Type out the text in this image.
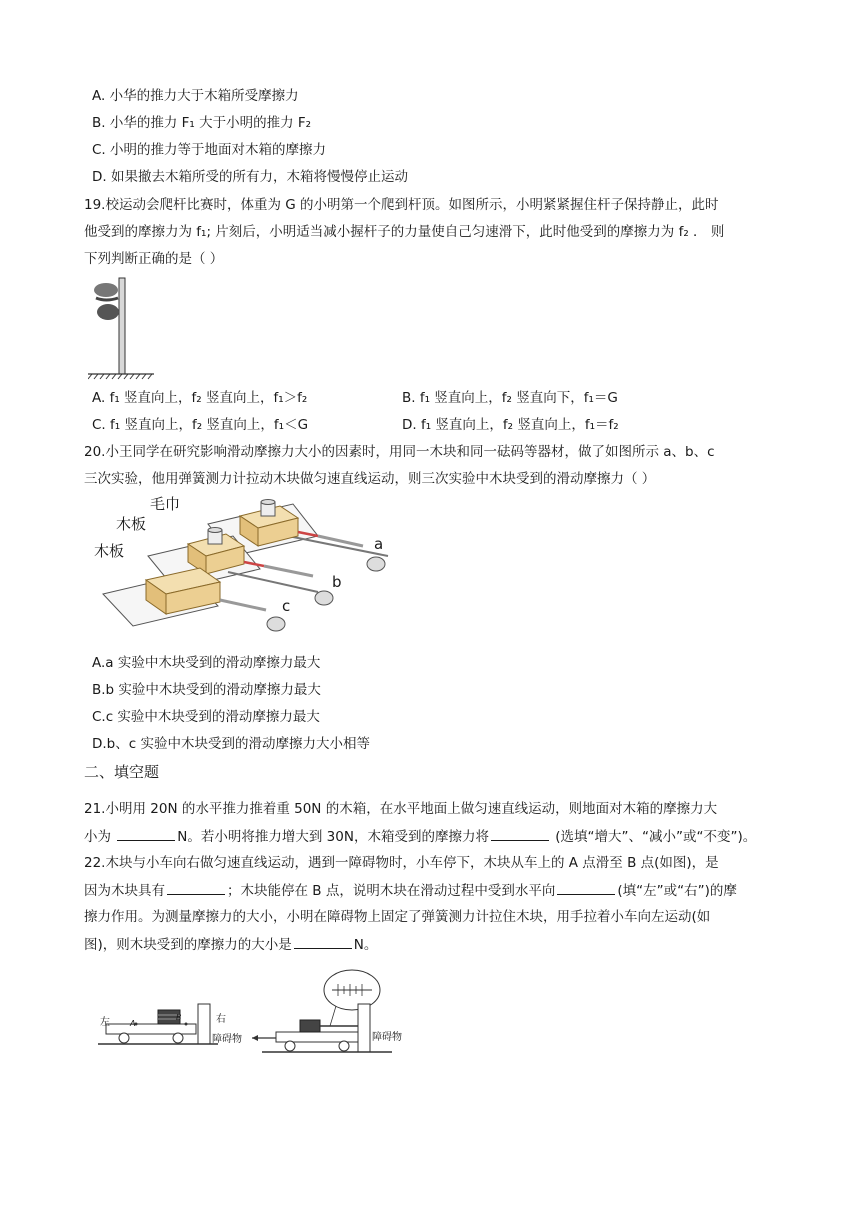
A. 小华的推力大于木箱所受摩擦力
B. 小华的推力 F₁ 大于小明的推力 F₂
C. 小明的推力等于地面对木箱的摩擦力
D. 如果撤去木箱所受的所有力，木箱将慢慢停止运动
19.校运动会爬杆比赛时，体重为 G 的小明第一个爬到杆顶。如图所示，小明紧紧握住杆子保持静止，此时
他受到的摩擦力为 f₁; 片刻后，小明适当减小握杆子的力量使自己匀速滑下，此时他受到的摩擦力为 f₂ ． 则
下列判断正确的是（ ）
A. f₁ 竖直向上，f₂ 竖直向上，f₁＞f₂	B. f₁ 竖直向上，f₂ 竖直向下，f₁＝G
C. f₁ 竖直向上，f₂ 竖直向上，f₁＜G	D. f₁ 竖直向上，f₂ 竖直向上，f₁＝f₂
20.小王同学在研究影响滑动摩擦力大小的因素时，用同一木块和同一砝码等器材，做了如图所示 a、b、c
三次实验，他用弹簧测力计拉动木块做匀速直线运动，则三次实验中木块受到的滑动摩擦力（ ）
毛巾
木板
木板	a
b
c
A.a 实验中木块受到的滑动摩擦力最大
B.b 实验中木块受到的滑动摩擦力最大
C.c 实验中木块受到的滑动摩擦力最大
D.b、c 实验中木块受到的滑动摩擦力大小相等
二、填空题
21.小明用 20N 的水平推力推着重 50N 的木箱，在水平地面上做匀速直线运动，则地面对木箱的摩擦力大
小为	N。若小明将推力增大到 30N，木箱受到的摩擦力将	(选填“增大”、“减小”或“不变”)。
22.木块与小车向右做匀速直线运动，遇到一障碍物时，小车停下，木块从车上的 A 点滑至 B 点(如图)，是
因为木块具有	；木块能停在 B 点，说明木块在滑动过程中受到水平向	(填“左”或“右”)的摩
擦力作用。为测量摩擦力的大小，小明在障碍物上固定了弹簧测力计拉住木块，用手拉着小车向左运动(如
图)，则木块受到的摩擦力的大小是	N。
左	A
B	右
障碍物	障碍物
